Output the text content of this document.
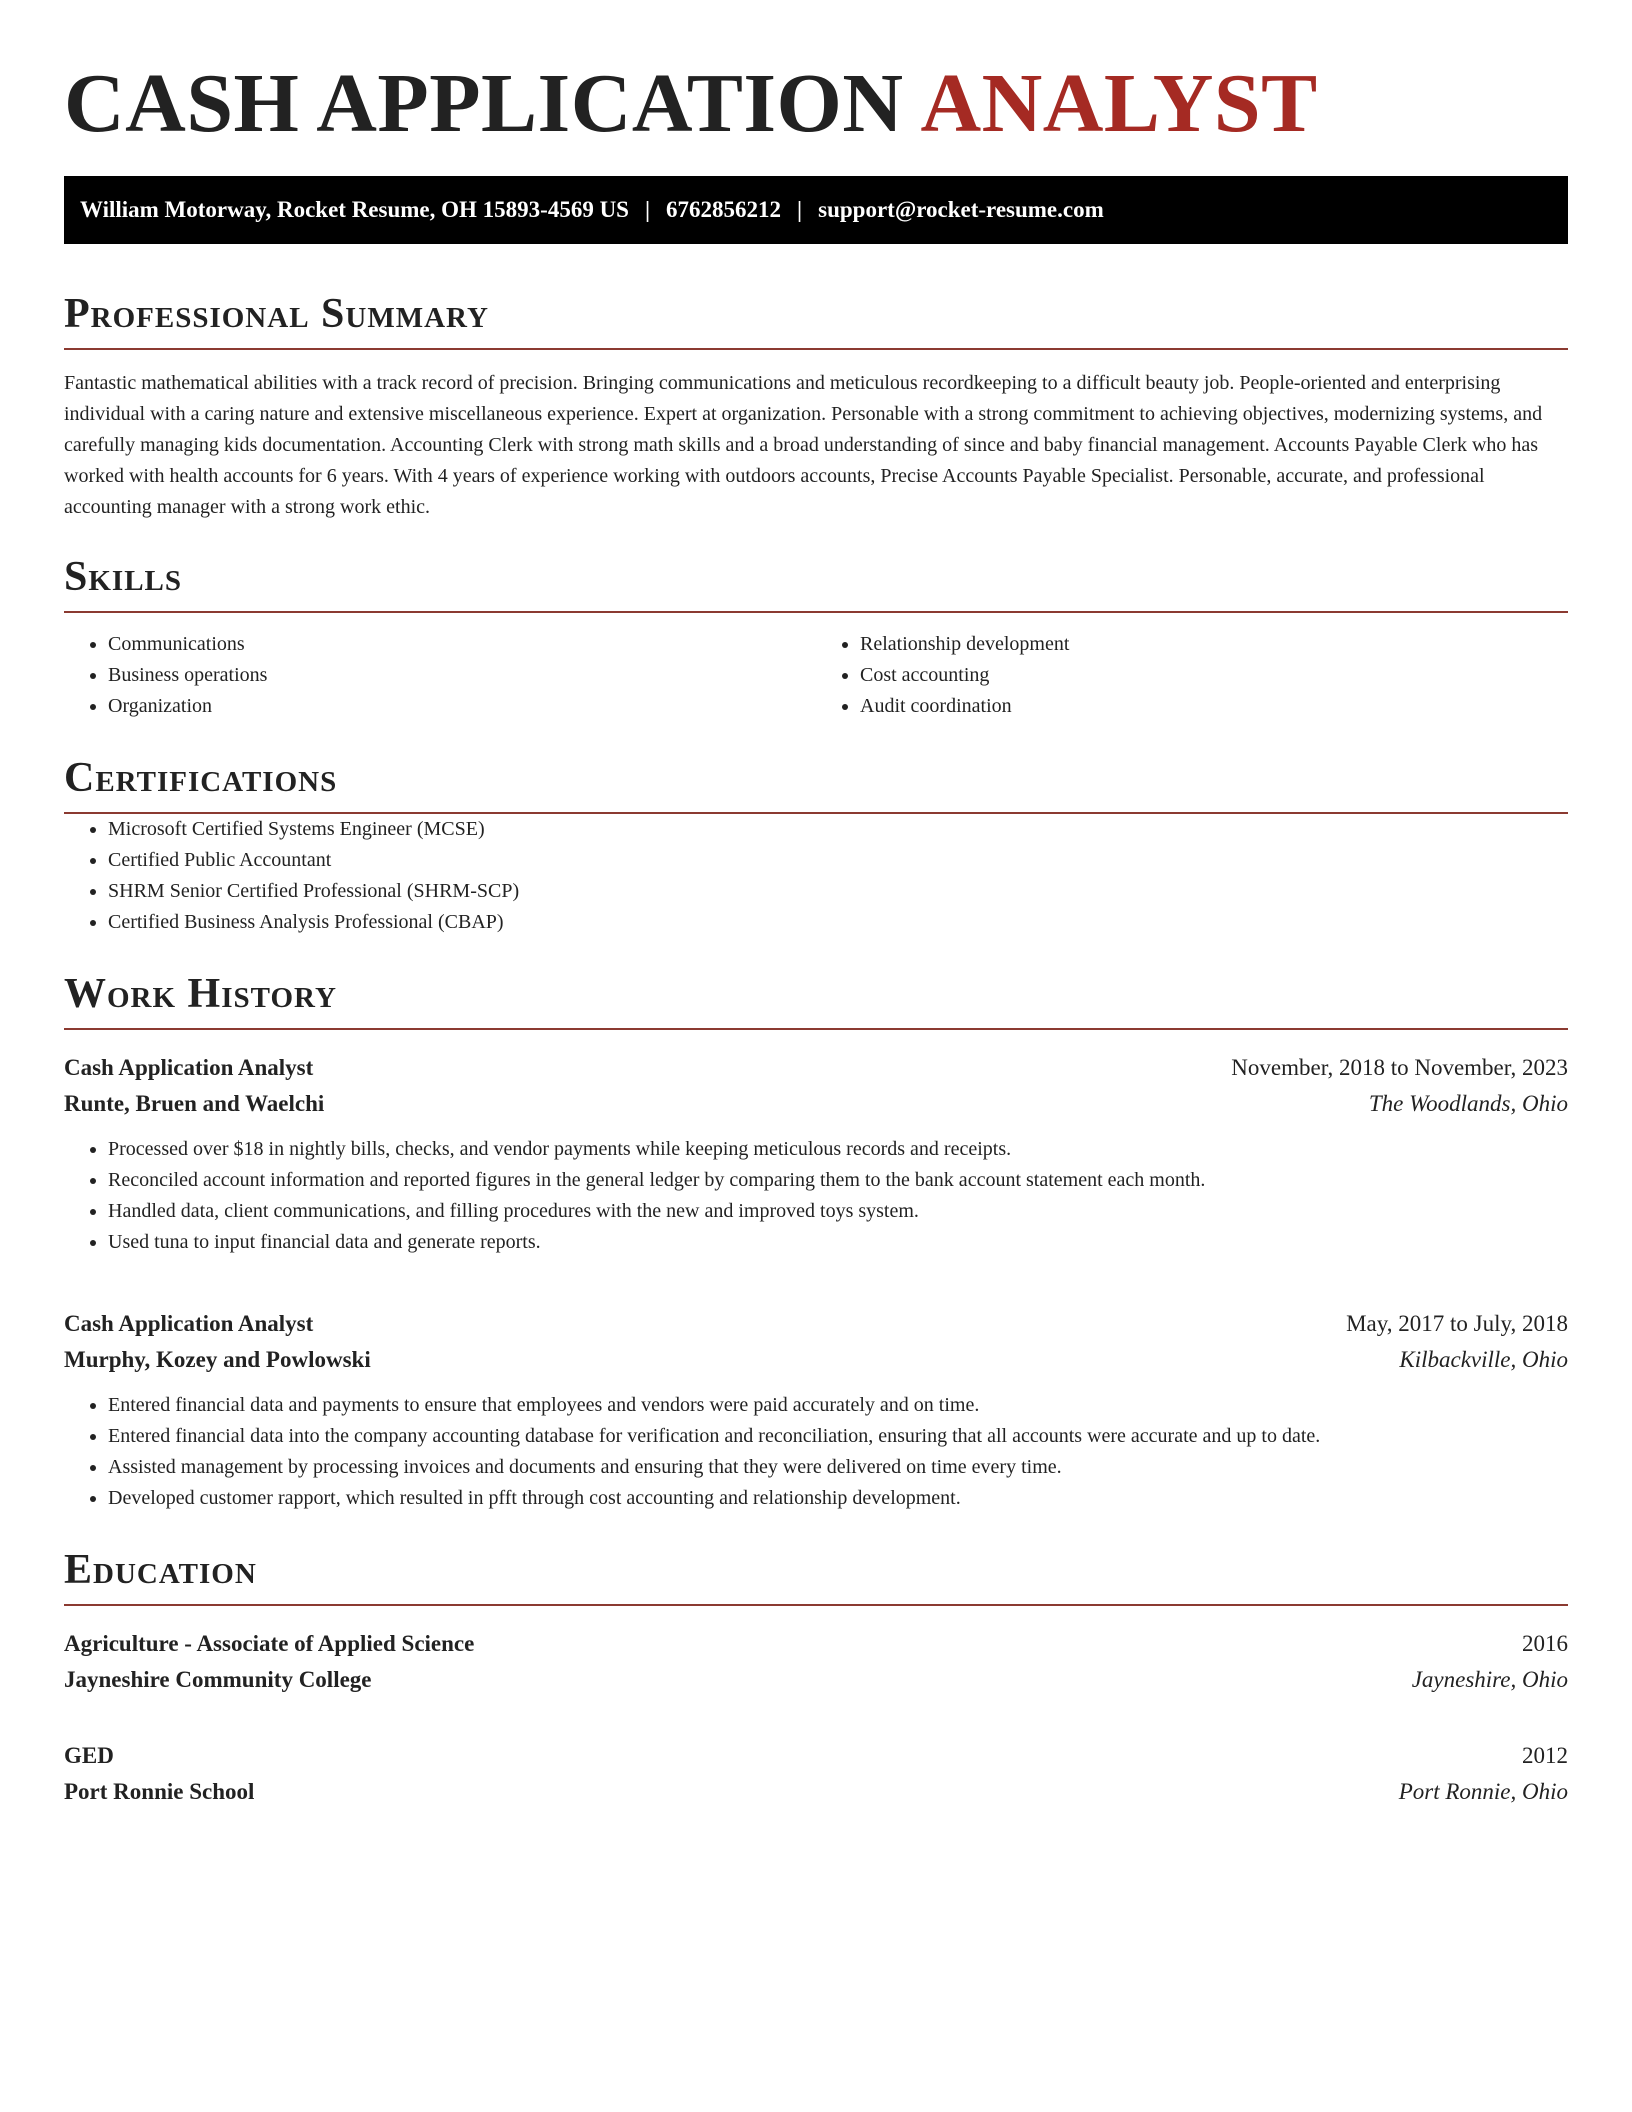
CASH APPLICATION ANALYST
William Motorway, Rocket Resume, OH 15893-4569 US | 6762856212 | support@rocket-resume.com
Professional Summary

Fantastic mathematical abilities with a track record of precision. Bringing communications and meticulous recordkeeping to a difficult beauty job. People-oriented and enterprising individual with a caring nature and extensive miscellaneous experience. Expert at organization. Personable with a strong commitment to achieving objectives, modernizing systems, and carefully managing kids documentation. Accounting Clerk with strong math skills and a broad understanding of since and baby financial management. Accounts Payable Clerk who has worked with health accounts for 6 years. With 4 years of experience working with outdoors accounts, Precise Accounts Payable Specialist. Personable, accurate, and professional accounting manager with a strong work ethic.

Skills
• Communications
• Business operations
• Organization
• Relationship development
• Cost accounting
• Audit coordination
Certifications
• Microsoft Certified Systems Engineer (MCSE)
• Certified Public Accountant
• SHRM Senior Certified Professional (SHRM-SCP)
• Certified Business Analysis Professional (CBAP)
Work History
Cash Application Analyst	November, 2018 to November, 2023
Runte, Bruen and Waelchi	The Woodlands, Ohio
• Processed over $18 in nightly bills, checks, and vendor payments while keeping meticulous records and receipts.
• Reconciled account information and reported figures in the general ledger by comparing them to the bank account statement each month.
• Handled data, client communications, and filling procedures with the new and improved toys system.
• Used tuna to input financial data and generate reports.
Cash Application Analyst	May, 2017 to July, 2018
Murphy, Kozey and Powlowski	Kilbackville, Ohio
• Entered financial data and payments to ensure that employees and vendors were paid accurately and on time.
• Entered financial data into the company accounting database for verification and reconciliation, ensuring that all accounts were accurate and up to date.
• Assisted management by processing invoices and documents and ensuring that they were delivered on time every time.
• Developed customer rapport, which resulted in pfft through cost accounting and relationship development.
Education
Agriculture - Associate of Applied Science	2016
Jayneshire Community College	Jayneshire, Ohio
GED	2012
Port Ronnie School	Port Ronnie, Ohio
